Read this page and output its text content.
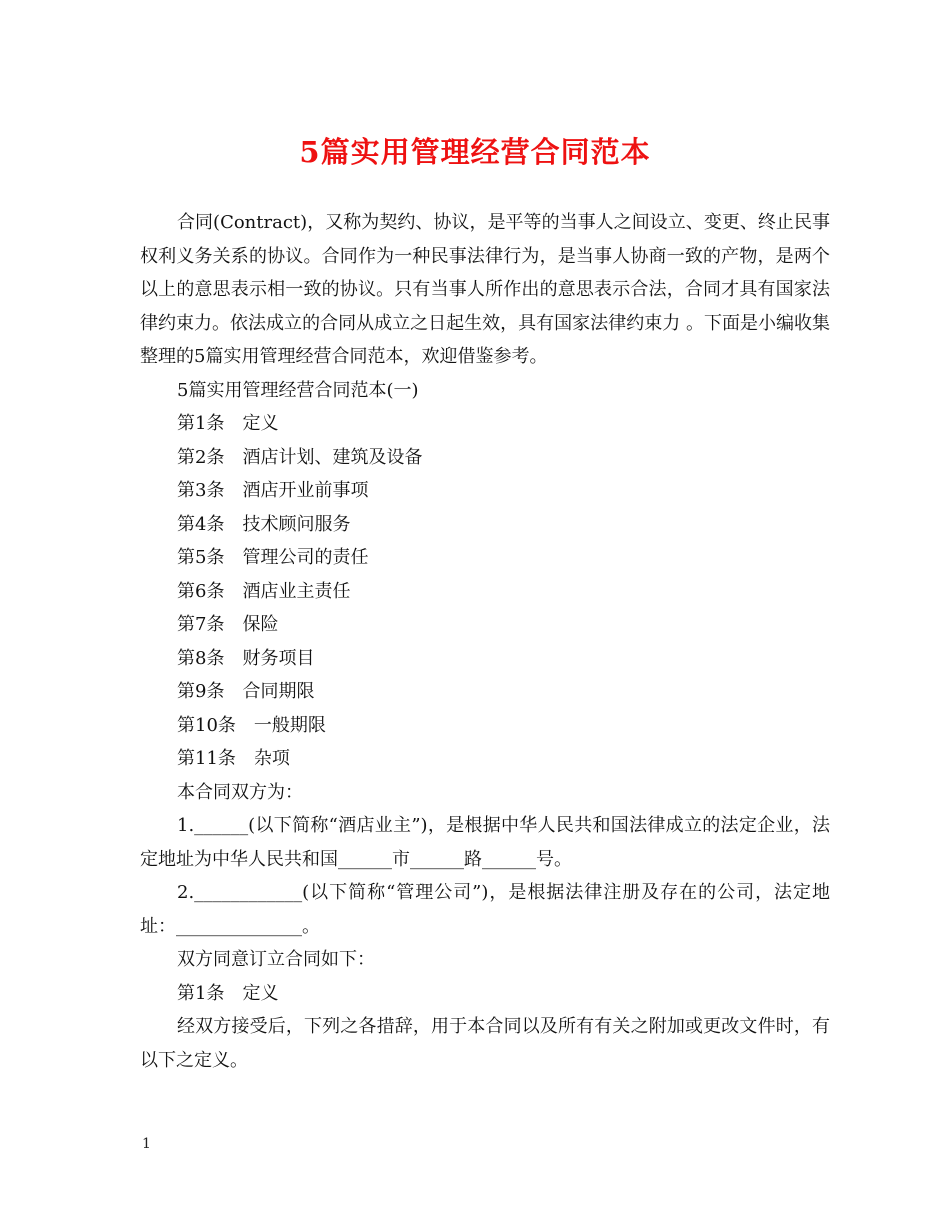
5篇实用管理经营合同范本

合同(Contract)，又称为契约、协议，是平等的当事人之间设立、变更、终止民事权利义务关系的协议。合同作为一种民事法律行为，是当事人协商一致的产物，是两个以上的意思表示相一致的协议。只有当事人所作出的意思表示合法，合同才具有国家法律约束力。依法成立的合同从成立之日起生效，具有国家法律约束力 。下面是小编收集整理的5篇实用管理经营合同范本，欢迎借鉴参考。

5篇实用管理经营合同范本(一)

第1条　定义
第2条　酒店计划、建筑及设备
第3条　酒店开业前事项
第4条　技术顾问服务
第5条　管理公司的责任
第6条　酒店业主责任
第7条　保险
第8条　财务项目
第9条　合同期限
第10条　一般期限
第11条　杂项

本合同双方为：

1.______(以下简称“酒店业主”)，是根据中华人民共和国法律成立的法定企业，法定地址为中华人民共和国______市______路______号。

2.____________(以下简称“管理公司”)，是根据法律注册及存在的公司，法定地址：______________。

双方同意订立合同如下：

第1条　定义

经双方接受后，下列之各措辞，用于本合同以及所有有关之附加或更改文件时，有以下之定义。

1
